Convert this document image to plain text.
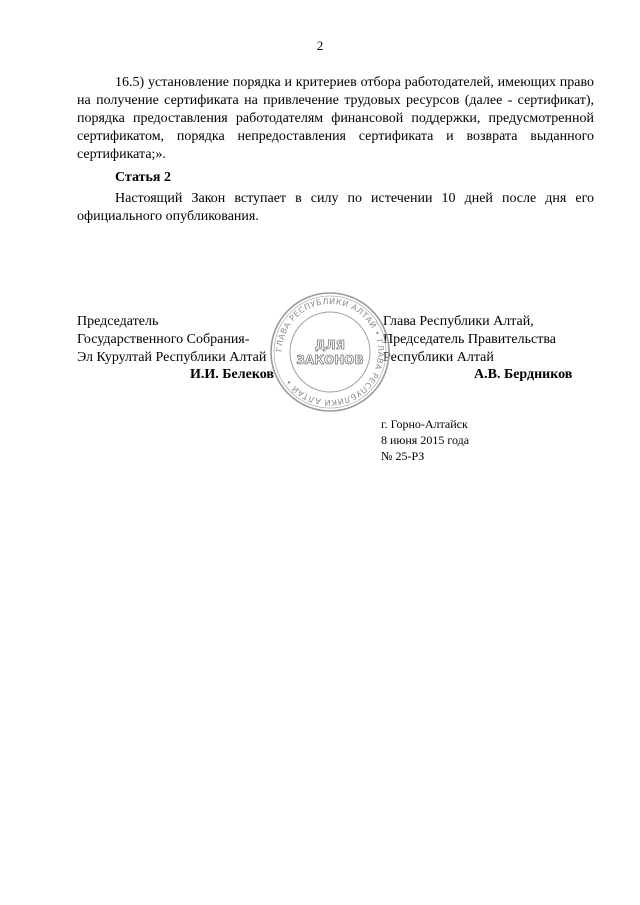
2

16.5) установление порядка и критериев отбора работодателей, имеющих право на получение сертификата на привлечение трудовых ресурсов (далее - сертификат), порядка предоставления работодателям финансовой поддержки, предусмотренной сертификатом, порядка непредоставления сертификата и возврата выданного сертификата;».

Статья 2

Настоящий Закон вступает в силу по истечении 10 дней после дня его официального опубликования.

Председатель
Государственного Собрания-
Эл Курултай Республики Алтай
И.И. Белеков
Глава Республики Алтай,
Председатель Правительства
Республики Алтай
А.В. Бердников
ГЛАВА РЕСПУБЛИКИ АЛТАЙ • ГЛАВА РЕСПУБЛИКИ АЛТАЙ •
ДЛЯ
ЗАКОНОВ
г. Горно-Алтайск
8 июня 2015 года
№ 25-РЗ
